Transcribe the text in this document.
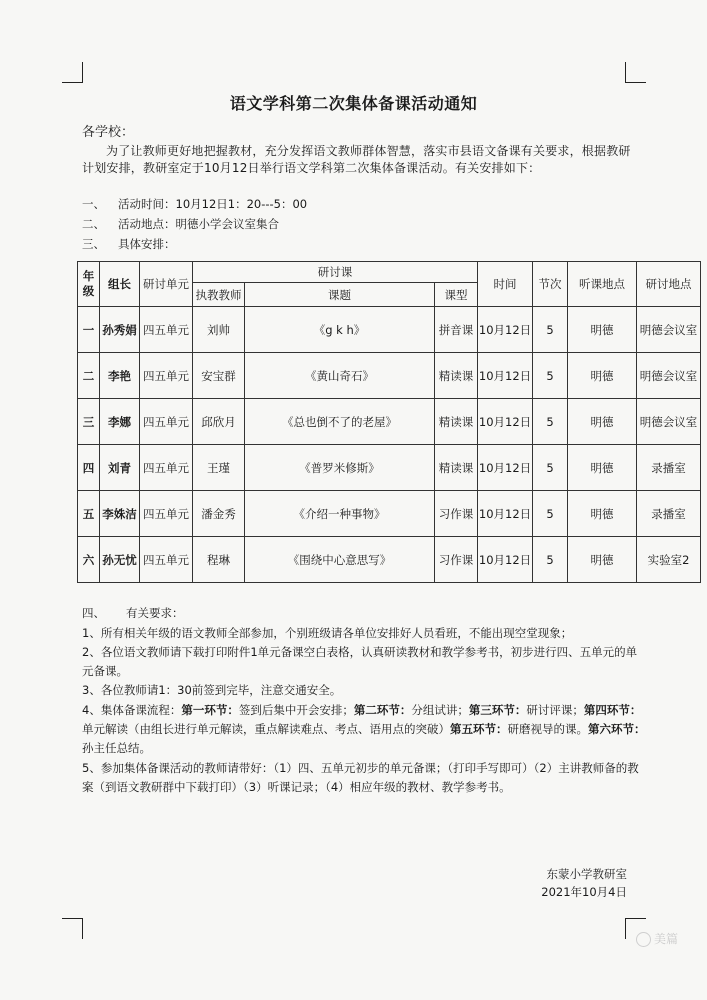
语文学科第二次集体备课活动通知
各学校：
为了让教师更好地把握教材，充分发挥语文教师群体智慧，落实市县语文备课有关要求，根据教研计划安排，教研室定于10月12日举行语文学科第二次集体备课活动。有关安排如下：
一、 活动时间：10月12日1：20---5：00
二、 活动地点：明德小学会议室集合
三、 具体安排：
年级	组长	研讨单元	研讨课			时间	节次	听课地点	研讨地点
			执教教师	课题	课型				
一	孙秀娟	四五单元	刘帅	《g k h》	拼音课	10月12日	5	明德	明德会议室
二	李艳	四五单元	安宝群	《黄山奇石》	精读课	10月12日	5	明德	明德会议室
三	李娜	四五单元	邱欣月	《总也倒不了的老屋》	精读课	10月12日	5	明德	明德会议室
四	刘青	四五单元	王瑾	《普罗米修斯》	精读课	10月12日	5	明德	录播室
五	李姝洁	四五单元	潘金秀	《介绍一种事物》	习作课	10月12日	5	明德	录播室
六	孙无忧	四五单元	程琳	《围绕中心意思写》	习作课	10月12日	5	明德	实验室2
四、 有关要求：
1、所有相关年级的语文教师全部参加，个别班级请各单位安排好人员看班，不能出现空堂现象；
2、各位语文教师请下载打印附件1单元备课空白表格，认真研读教材和教学参考书，初步进行四、五单元的单元备课。
3、各位教师请1：30前签到完毕，注意交通安全。
4、集体备课流程：第一环节：签到后集中开会安排；第二环节：分组试讲；第三环节：研讨评课；第四环节：单元解读（由组长进行单元解读，重点解读难点、考点、语用点的突破）第五环节：研磨视导的课。第六环节：孙主任总结。
5、参加集体备课活动的教师请带好：（1）四、五单元初步的单元备课；（打印手写即可）（2）主讲教师备的教案（到语文教研群中下载打印）（3）听课记录；（4）相应年级的教材、教学参考书。
东蒙小学教研室
2021年10月4日
美篇
